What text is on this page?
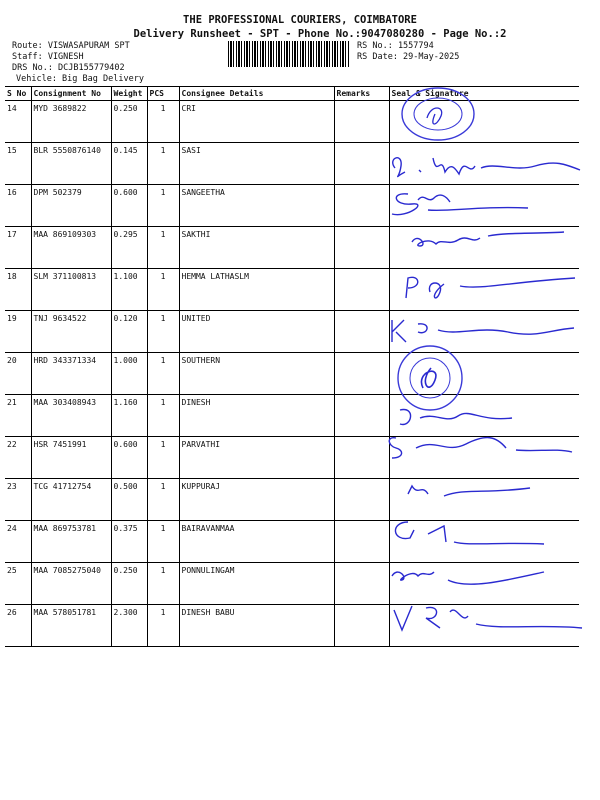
THE PROFESSIONAL COURIERS, COIMBATORE
Delivery Runsheet - SPT - Phone No.:9047080280 - Page No.:2
Route: VISWASAPURAM SPT
Staff: VIGNESH
DRS No.: DCJB155779402
Vehicle: Big Bag Delivery
RS No.: 1557794
RS Date: 29-May-2025
S No	Consignment No	Weight	PCS	Consignee Details	Remarks	Seal & Signature
14	MYD 3689822	0.250	1	CRI		
15	BLR 5550876140	0.145	1	SASI		
16	DPM 502379	0.600	1	SANGEETHA		
17	MAA 869109303	0.295	1	SAKTHI		
18	SLM 371100813	1.100	1	HEMMA LATHASLM		
19	TNJ 9634522	0.120	1	UNITED		
20	HRD 343371334	1.000	1	SOUTHERN		
21	MAA 303408943	1.160	1	DINESH		
22	HSR 7451991	0.600	1	PARVATHI		
23	TCG 41712754	0.500	1	KUPPURAJ		
24	MAA 869753781	0.375	1	BAIRAVANMAA		
25	MAA 7085275040	0.250	1	PONNULINGAM		
26	MAA 578051781	2.300	1	DINESH BABU		
